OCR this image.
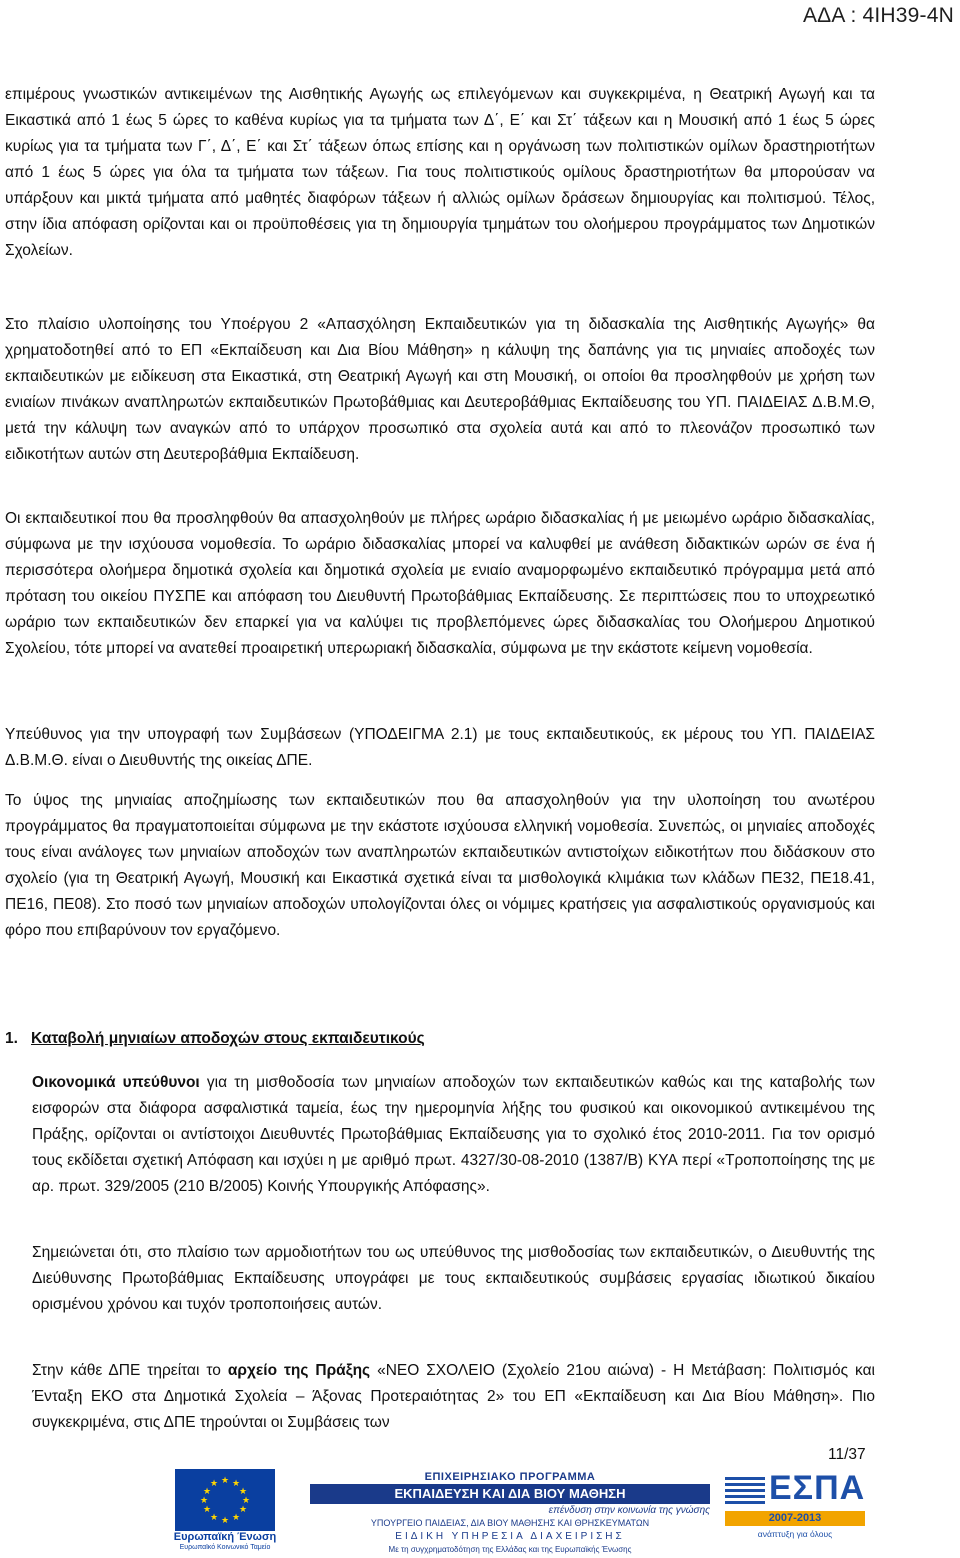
ΑΔΑ : 4ΙΗ39-4Ν

επιμέρους γνωστικών αντικειμένων της Αισθητικής Αγωγής ως επιλεγόμενων και συγκεκριμένα, η Θεατρική Αγωγή και τα Εικαστικά από 1 έως 5 ώρες το καθένα κυρίως για τα τμήματα των Δ΄, Ε΄ και Στ΄ τάξεων και η Μουσική από 1 έως 5 ώρες κυρίως για τα τμήματα των Γ΄, Δ΄, Ε΄ και Στ΄ τάξεων όπως επίσης και η οργάνωση των πολιτιστικών ομίλων δραστηριοτήτων από 1 έως 5 ώρες για όλα τα τμήματα των τάξεων. Για τους πολιτιστικούς ομίλους δραστηριοτήτων θα μπορούσαν να υπάρξουν και μικτά τμήματα από μαθητές διαφόρων τάξεων ή αλλιώς ομίλων δράσεων δημιουργίας και πολιτισμού. Τέλος, στην ίδια απόφαση ορίζονται και οι προϋποθέσεις για τη δημιουργία τμημάτων του ολοήμερου προγράμματος των Δημοτικών Σχολείων.

Στο πλαίσιο υλοποίησης του Υποέργου 2 «Απασχόληση Εκπαιδευτικών για τη διδασκαλία της Αισθητικής Αγωγής» θα χρηματοδοτηθεί από το ΕΠ «Εκπαίδευση και Δια Βίου Μάθηση» η κάλυψη της δαπάνης για τις μηνιαίες αποδοχές των εκπαιδευτικών με ειδίκευση στα Εικαστικά, στη Θεατρική Αγωγή και στη Μουσική, οι οποίοι θα προσληφθούν με χρήση των ενιαίων πινάκων αναπληρωτών εκπαιδευτικών Πρωτοβάθμιας και Δευτεροβάθμιας Εκπαίδευσης του ΥΠ. ΠΑΙΔΕΙΑΣ Δ.Β.Μ.Θ, μετά την κάλυψη των αναγκών από το υπάρχον προσωπικό στα σχολεία αυτά και από το πλεονάζον προσωπικό των ειδικοτήτων αυτών στη Δευτεροβάθμια Εκπαίδευση.

Οι εκπαιδευτικοί που θα προσληφθούν θα απασχοληθούν με πλήρες ωράριο διδασκαλίας ή με μειωμένο ωράριο διδασκαλίας, σύμφωνα με την ισχύουσα νομοθεσία. Το ωράριο διδασκαλίας μπορεί να καλυφθεί με ανάθεση διδακτικών ωρών σε ένα ή περισσότερα ολοήμερα δημοτικά σχολεία και δημοτικά σχολεία με ενιαίο αναμορφωμένο εκπαιδευτικό πρόγραμμα μετά από πρόταση του οικείου ΠΥΣΠΕ και απόφαση του Διευθυντή Πρωτοβάθμιας Εκπαίδευσης. Σε περιπτώσεις που το υποχρεωτικό ωράριο των εκπαιδευτικών δεν επαρκεί για να καλύψει τις προβλεπόμενες ώρες διδασκαλίας του Ολοήμερου Δημοτικού Σχολείου, τότε μπορεί να ανατεθεί προαιρετική υπερωριακή διδασκαλία, σύμφωνα με την εκάστοτε κείμενη νομοθεσία.

Υπεύθυνος για την υπογραφή των Συμβάσεων (ΥΠΟΔΕΙΓΜΑ 2.1) με τους εκπαιδευτικούς, εκ μέρους του ΥΠ. ΠΑΙΔΕΙΑΣ Δ.Β.Μ.Θ. είναι ο Διευθυντής της οικείας ΔΠΕ.

Το ύψος της μηνιαίας αποζημίωσης των εκπαιδευτικών που θα απασχοληθούν για την υλοποίηση του ανωτέρου προγράμματος θα πραγματοποιείται σύμφωνα με την εκάστοτε ισχύουσα ελληνική νομοθεσία. Συνεπώς, οι μηνιαίες αποδοχές τους είναι ανάλογες των μηνιαίων αποδοχών των αναπληρωτών εκπαιδευτικών αντιστοίχων ειδικοτήτων που διδάσκουν στο σχολείο (για τη Θεατρική Αγωγή, Μουσική και Εικαστικά σχετικά είναι τα μισθολογικά κλιμάκια των κλάδων ΠΕ32, ΠΕ18.41, ΠΕ16, ΠΕ08). Στο ποσό των μηνιαίων αποδοχών υπολογίζονται όλες οι νόμιμες κρατήσεις για ασφαλιστικούς οργανισμούς και φόρο που επιβαρύνουν τον εργαζόμενο.

1. Καταβολή μηνιαίων αποδοχών στους εκπαιδευτικούς

Οικονομικά υπεύθυνοι για τη μισθοδοσία των μηνιαίων αποδοχών των εκπαιδευτικών καθώς και της καταβολής των εισφορών στα διάφορα ασφαλιστικά ταμεία, έως την ημερομηνία λήξης του φυσικού και οικονομικού αντικειμένου της Πράξης, ορίζονται οι αντίστοιχοι Διευθυντές Πρωτοβάθμιας Εκπαίδευσης για το σχολικό έτος 2010-2011. Για τον ορισμό τους εκδίδεται σχετική Απόφαση και ισχύει η με αριθμό πρωτ. 4327/30-08-2010 (1387/Β) ΚΥΑ περί «Τροποποίησης της με αρ. πρωτ. 329/2005 (210 Β/2005) Κοινής Υπουργικής Απόφασης».

Σημειώνεται ότι, στο πλαίσιο των αρμοδιοτήτων του ως υπεύθυνος της μισθοδοσίας των εκπαιδευτικών, ο Διευθυντής της Διεύθυνσης Πρωτοβάθμιας Εκπαίδευσης υπογράφει με τους εκπαιδευτικούς συμβάσεις εργασίας ιδιωτικού δικαίου ορισμένου χρόνου και τυχόν τροποποιήσεις αυτών.

Στην κάθε ΔΠΕ τηρείται το αρχείο της Πράξης «ΝΕΟ ΣΧΟΛΕΙΟ (Σχολείο 21ου αιώνα) - Η Μετάβαση: Πολιτισμός και Ένταξη ΕΚΟ στα Δημοτικά Σχολεία – Άξονας Προτεραιότητας 2» του ΕΠ «Εκπαίδευση και Δια Βίου Μάθηση». Πιο συγκεκριμένα, στις ΔΠΕ τηρούνται οι Συμβάσεις των

11/37
★ ★
★
★
★
★
★
★
★
★
★
★
Ευρωπαϊκή Ένωση
Ευρωπαϊκό Κοινωνικό Ταμείο
ΕΠΙΧΕΙΡΗΣΙΑΚΟ ΠΡΟΓΡΑΜΜΑ
ΕΚΠΑΙΔΕΥΣΗ ΚΑΙ ΔΙΑ ΒΙΟΥ ΜΑΘΗΣΗ
επένδυση στην κοινωνία της γνώσης
ΥΠΟΥΡΓΕΙΟ ΠΑΙΔΕΙΑΣ, ΔΙΑ ΒΙΟΥ ΜΑΘΗΣΗΣ ΚΑΙ ΘΡΗΣΚΕΥΜΑΤΩΝ
ΕΙΔΙΚΗ ΥΠΗΡΕΣΙΑ ΔΙΑΧΕΙΡΙΣΗΣ
Με τη συγχρηματοδότηση της Ελλάδας και της Ευρωπαϊκής Ένωσης
ΕΣΠΑ
2007-2013
ανάπτυξη για όλους
